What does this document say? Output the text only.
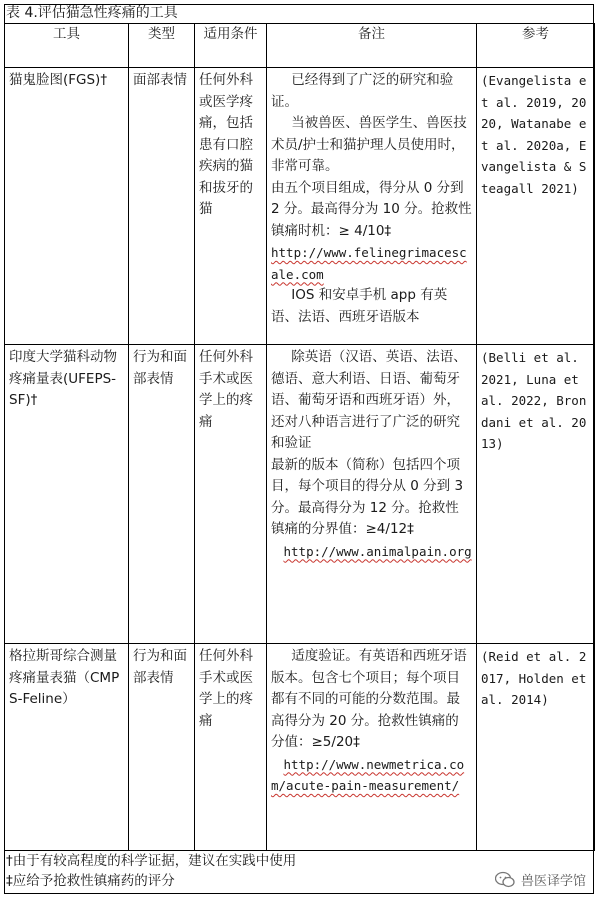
表 4.评估猫急性疼痛的工具
工具	类型	适用条件	备注	参考
猫鬼脸图(FGS)†	面部表情	任何外科或医学疼痛，包括患有口腔疾病的猫和拔牙的猫	已经得到了广泛的研究和验证。

当被兽医、兽医学生、兽医技术员/护士和猫护理人员使用时，非常可靠。

由五个项目组成，得分从 0 分到 2 分。最高得分为 10 分。抢救性镇痛时机：≥ 4/10‡

http://www.felinegrimacescale.com

IOS 和安卓手机 app 有英语、法语、西班牙语版本	(Evangelista et al. 2019, 2020, Watanabe et al. 2020a, Evangelista & Steagall 2021)
印度大学猫科动物疼痛量表(UFEPS-SF)†	行为和面部表情	任何外科手术或医学上的疼痛	除英语（汉语、英语、法语、德语、意大利语、日语、葡萄牙语、葡萄牙语和西班牙语）外，还对八种语言进行了广泛的研究和验证

最新的版本（简称）包括四个项目，每个项目的得分从 0 分到 3分。最高得分为 12 分。抢救性镇痛的分界值：≥4/12‡

http://www.animalpain.org	(Belli et al. 2021, Luna et al. 2022, Brondani et al. 2013)
格拉斯哥综合测量疼痛量表猫（CMPS-Feline）	行为和面部表情	任何外科手术或医学上的疼痛	适度验证。有英语和西班牙语版本。包含七个项目；每个项目都有不同的可能的分数范围。最高得分为 20 分。抢救性镇痛的分值：≥5/20‡

http://www.newmetrica.com/acute-pain-measurement/	(Reid et al. 2017, Holden et al. 2014)
†由于有较高程度的科学证据，建议在实践中使用
‡应给予抢救性镇痛药的评分	兽医译学馆
